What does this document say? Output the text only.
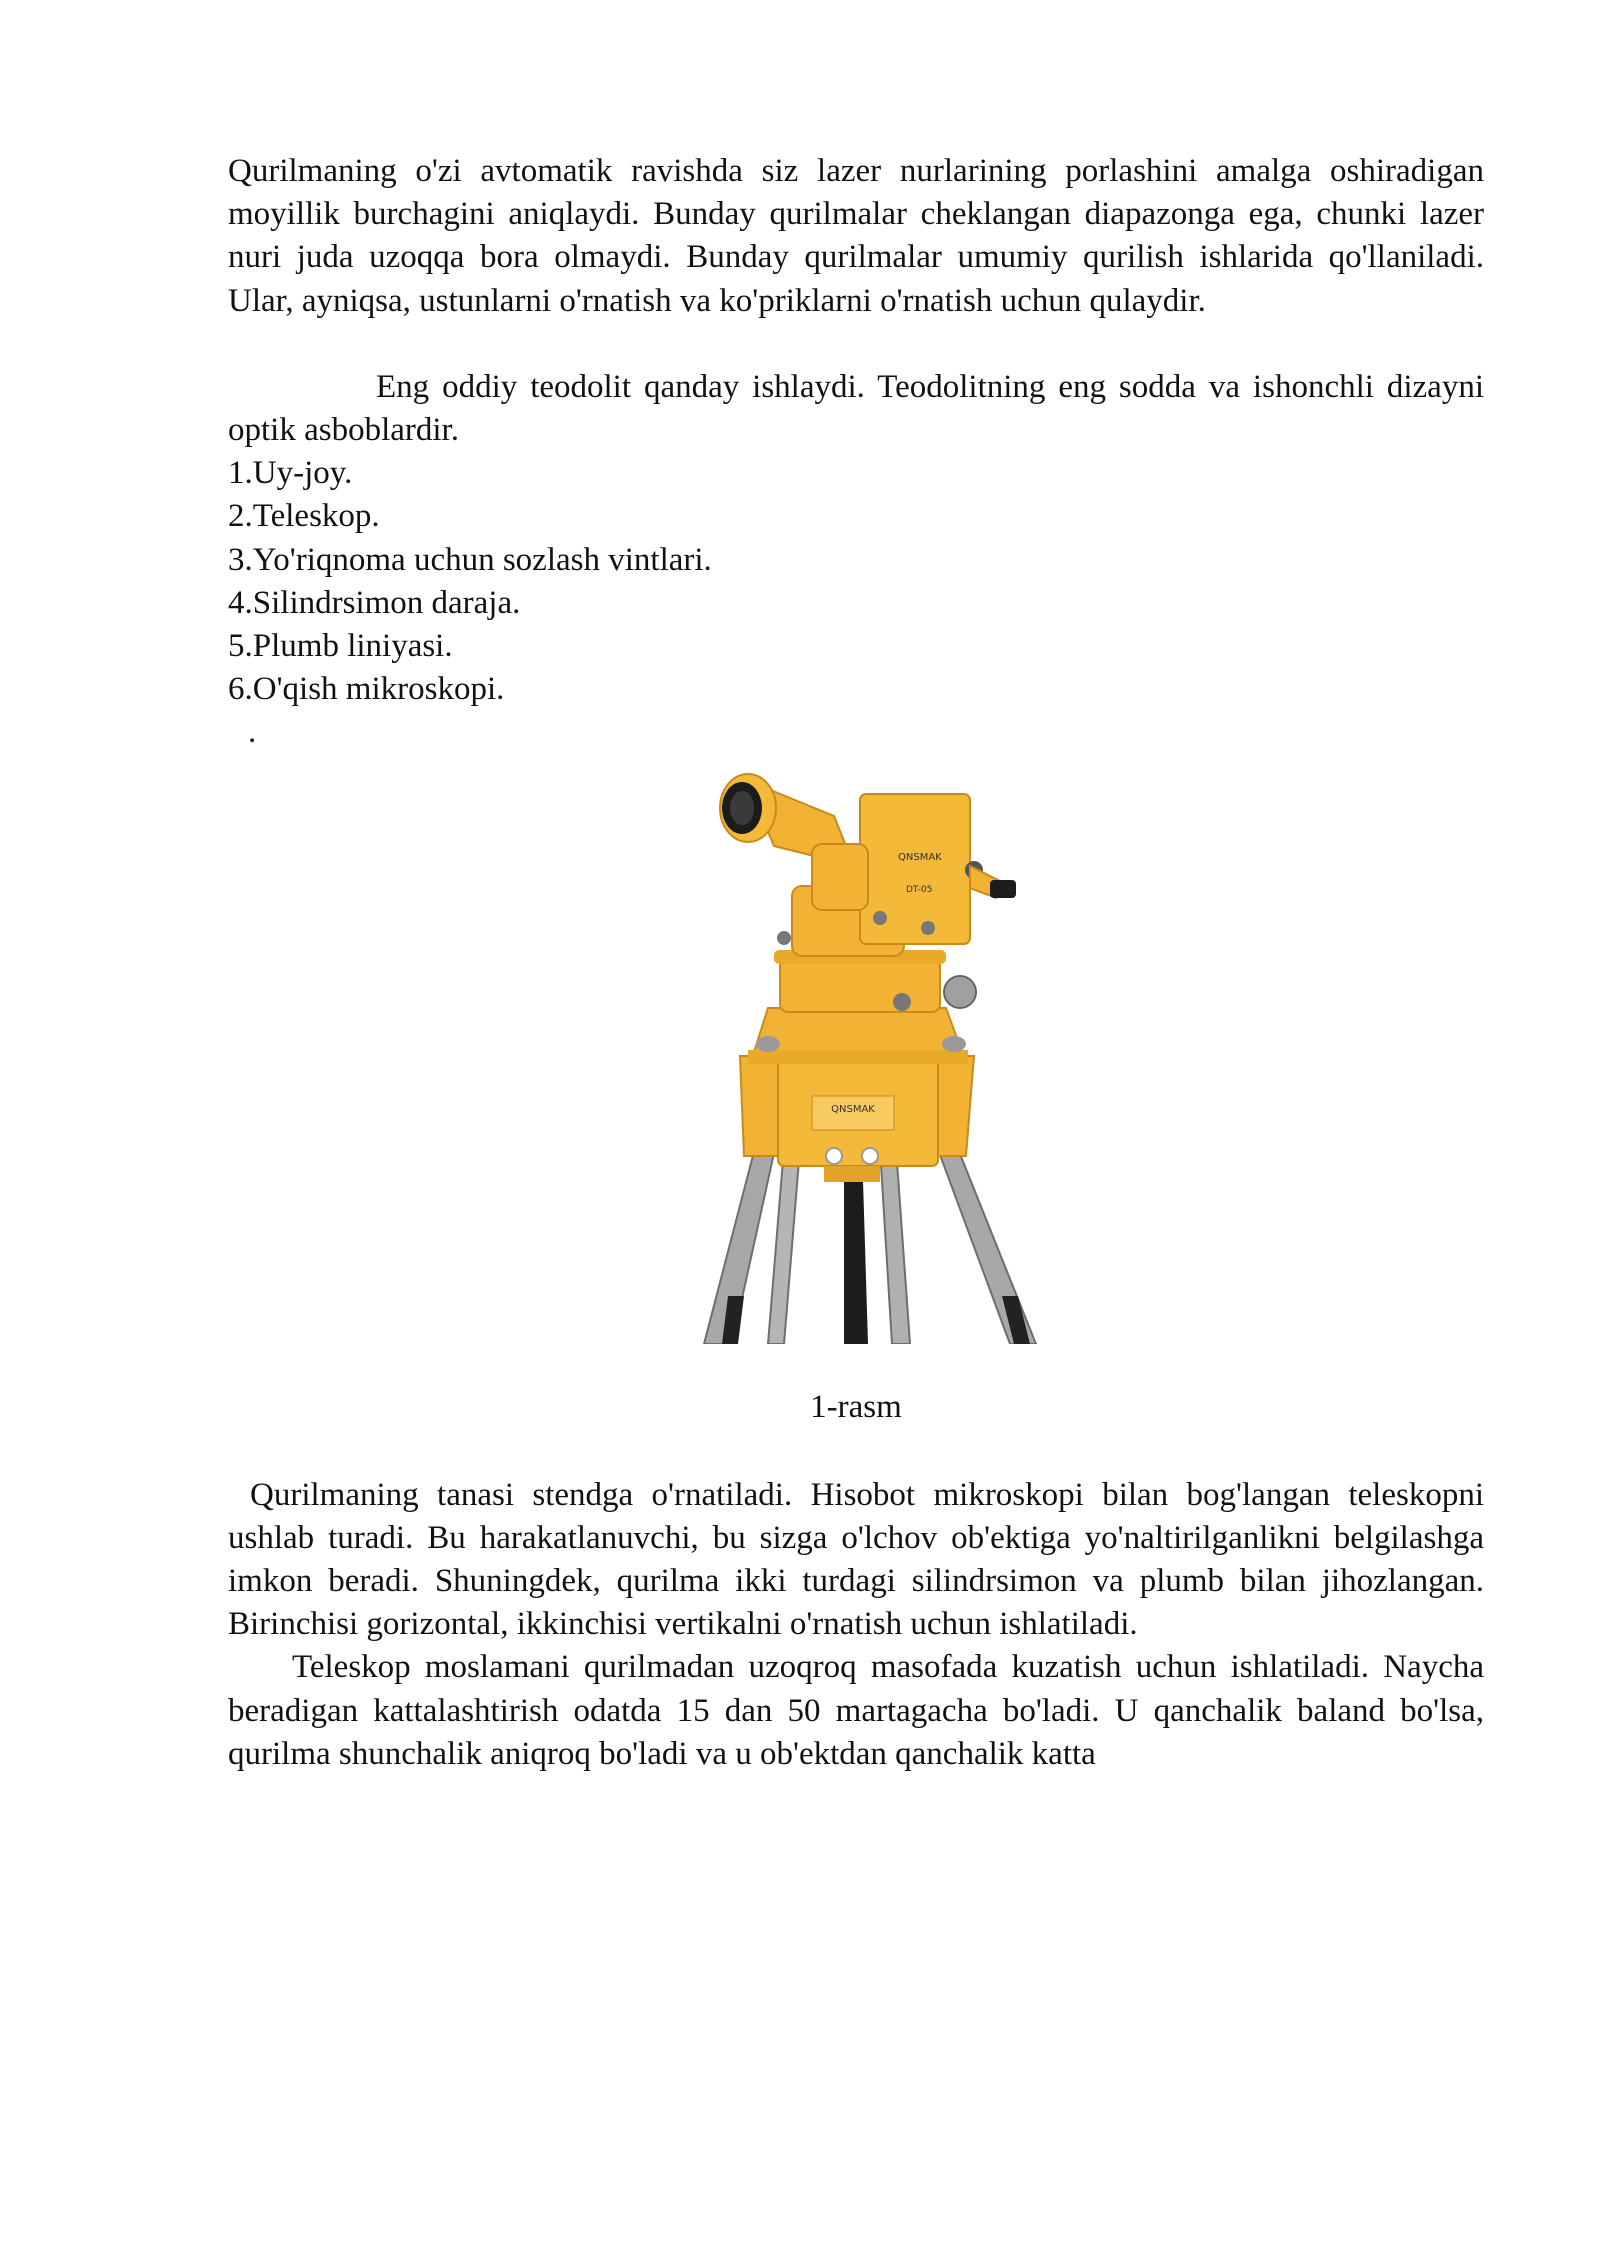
Qurilmaning o'zi avtomatik ravishda siz lazer nurlarining porlashini amalga oshiradigan moyillik burchagini aniqlaydi. Bunday qurilmalar cheklangan diapazonga ega, chunki lazer nuri juda uzoqqa bora olmaydi. Bunday qurilmalar umumiy qurilish ishlarida qo'llaniladi. Ular, ayniqsa, ustunlarni o'rnatish va ko'priklarni o'rnatish uchun qulaydir.

Eng oddiy teodolit qanday ishlaydi. Teodolitning eng sodda va ishonchli dizayni optik asboblardir.

1.Uy-joy.
2.Teleskop.
3.Yo'riqnoma uchun sozlash vintlari.
4.Silindrsimon daraja.
5.Plumb liniyasi.
6.O'qish mikroskopi.
.
QNSMAK
QNSMAK
DT-05

1-rasm

Qurilmaning tanasi stendga o'rnatiladi. Hisobot mikroskopi bilan bog'langan teleskopni ushlab turadi. Bu harakatlanuvchi, bu sizga o'lchov ob'ektiga yo'naltirilganlikni belgilashga imkon beradi. Shuningdek, qurilma ikki turdagi silindrsimon va plumb bilan jihozlangan. Birinchisi gorizontal, ikkinchisi vertikalni o'rnatish uchun ishlatiladi.

Teleskop moslamani qurilmadan uzoqroq masofada kuzatish uchun ishlatiladi. Naycha beradigan kattalashtirish odatda 15 dan 50 martagacha bo'ladi. U qanchalik baland bo'lsa, qurilma shunchalik aniqroq bo'ladi va u ob'ektdan qanchalik katta
